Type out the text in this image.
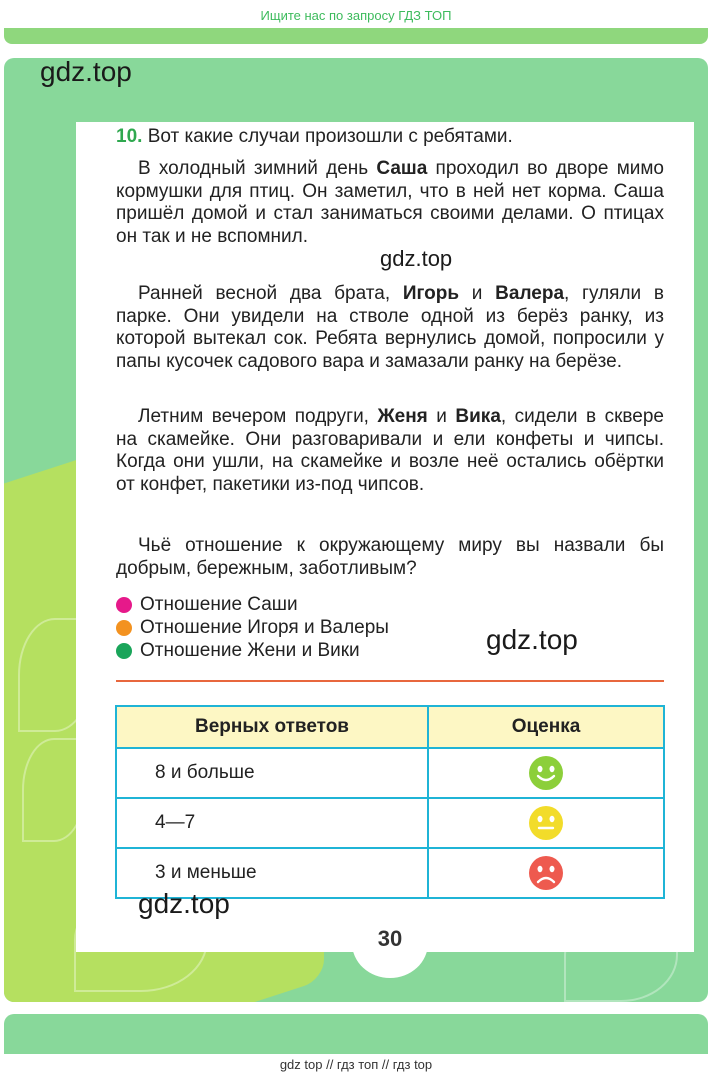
Ищите нас по запросу ГДЗ ТОП
gdz.top
10. Вот какие случаи произошли с ребятами.
В холодный зимний день Саша проходил во дворе мимо кормушки для птиц. Он заметил, что в ней нет корма. Саша пришёл домой и стал заниматься своими делами. О птицах он так и не вспомнил.
gdz.top
Ранней весной два брата, Игорь и Валера, гуляли в парке. Они увидели на стволе одной из берёз ранку, из которой вытекал сок. Ребята вернулись домой, попросили у папы кусочек садового вара и замазали ранку на берёзе.
Летним вечером подруги, Женя и Вика, сидели в сквере на скамейке. Они разговаривали и ели конфеты и чипсы. Когда они ушли, на скамейке и возле неё остались обёртки от конфет, пакетики из-под чипсов.
Чьё отношение к окружающему миру вы назвали бы добрым, бережным, заботливым?
Отношение Саши
Отношение Игоря и Валеры
Отношение Жени и Вики	gdz.top
Верных ответов	Оценка
8 и больше	

4—7	

3 и меньше	
gdz.top
30
gdz top // гдз топ // гдз top
